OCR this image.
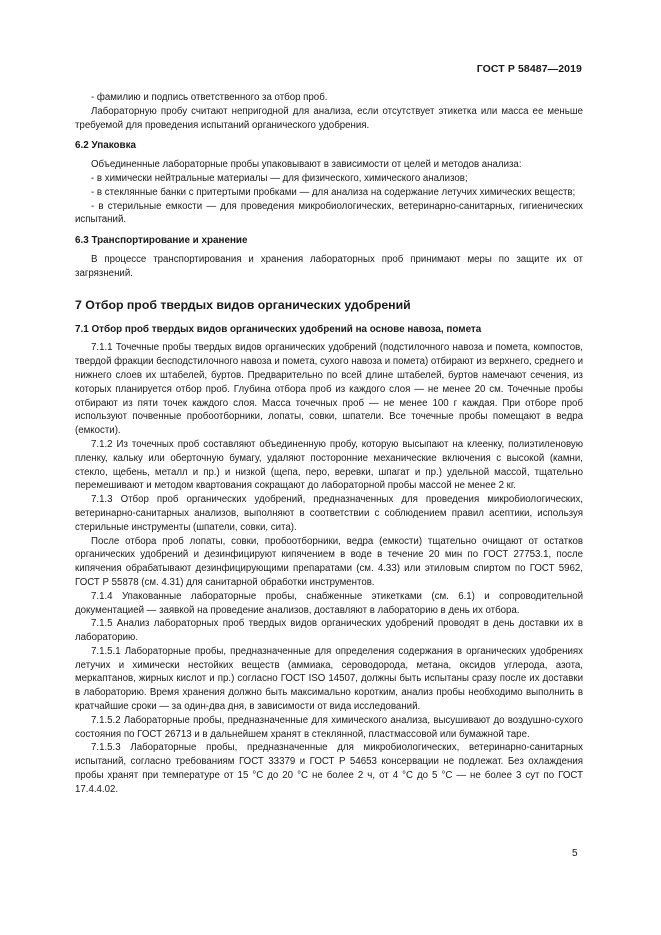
ГОСТ Р 58487—2019

- фамилию и подпись ответственного за отбор проб.

Лабораторную пробу считают непригодной для анализа, если отсутствует этикетка или масса ее меньше требуемой для проведения испытаний органического удобрения.

6.2 Упаковка

Объединенные лабораторные пробы упаковывают в зависимости от целей и методов анализа:

- в химически нейтральные материалы — для физического, химического анализов;

- в стеклянные банки с притертыми пробками — для анализа на содержание летучих химических веществ;

- в стерильные емкости — для проведения микробиологических, ветеринарно-санитарных, гигиенических испытаний.

6.3 Транспортирование и хранение

В процессе транспортирования и хранения лабораторных проб принимают меры по защите их от загрязнений.

7 Отбор проб твердых видов органических удобрений

7.1 Отбор проб твердых видов органических удобрений на основе навоза, помета

7.1.1 Точечные пробы твердых видов органических удобрений (подстилочного навоза и помета, компостов, твердой фракции бесподстилочного навоза и помета, сухого навоза и помета) отбирают из верхнего, среднего и нижнего слоев их штабелей, буртов. Предварительно по всей длине штабелей, буртов намечают сечения, из которых планируется отбор проб. Глубина отбора проб из каждого слоя — не менее 20 см. Точечные пробы отбирают из пяти точек каждого слоя. Масса точечных проб — не менее 100 г каждая. При отборе проб используют почвенные пробоотборники, лопаты, совки, шпатели. Все точечные пробы помещают в ведра (емкости).

7.1.2 Из точечных проб составляют объединенную пробу, которую высыпают на клеенку, полиэтиленовую пленку, кальку или оберточную бумагу, удаляют посторонние механические включения с высокой (камни, стекло, щебень, металл и пр.) и низкой (щепа, перо, веревки, шпагат и пр.) удельной массой, тщательно перемешивают и методом квартования сокращают до лабораторной пробы массой не менее 2 кг.

7.1.3 Отбор проб органических удобрений, предназначенных для проведения микробиологических, ветеринарно-санитарных анализов, выполняют в соответствии с соблюдением правил асептики, используя стерильные инструменты (шпатели, совки, сита).

После отбора проб лопаты, совки, пробоотборники, ведра (емкости) тщательно очищают от остатков органических удобрений и дезинфицируют кипячением в воде в течение 20 мин по ГОСТ 27753.1, после кипячения обрабатывают дезинфицирующими препаратами (см. 4.33) или этиловым спиртом по ГОСТ 5962, ГОСТ Р 55878 (см. 4.31) для санитарной обработки инструментов.

7.1.4 Упакованные лабораторные пробы, снабженные этикетками (см. 6.1) и сопроводительной документацией — заявкой на проведение анализов, доставляют в лабораторию в день их отбора.

7.1.5 Анализ лабораторных проб твердых видов органических удобрений проводят в день доставки их в лабораторию.

7.1.5.1 Лабораторные пробы, предназначенные для определения содержания в органических удобрениях летучих и химически нестойких веществ (аммиака, сероводорода, метана, оксидов углерода, азота, меркаптанов, жирных кислот и пр.) согласно ГОСТ ISO 14507, должны быть испытаны сразу после их доставки в лабораторию. Время хранения должно быть максимально коротким, анализ пробы необходимо выполнить в кратчайшие сроки — за один-два дня, в зависимости от вида исследований.

7.1.5.2 Лабораторные пробы, предназначенные для химического анализа, высушивают до воздушно-сухого состояния по ГОСТ 26713 и в дальнейшем хранят в стеклянной, пластмассовой или бумажной таре.

7.1.5.3 Лабораторные пробы, предназначенные для микробиологических, ветеринарно-санитарных испытаний, согласно требованиям ГОСТ 33379 и ГОСТ Р 54653 консервации не подлежат. Без охлаждения пробы хранят при температуре от 15 °С до 20 °С не более 2 ч, от 4 °С до 5 °С — не более 3 сут по ГОСТ 17.4.4.02.

5
